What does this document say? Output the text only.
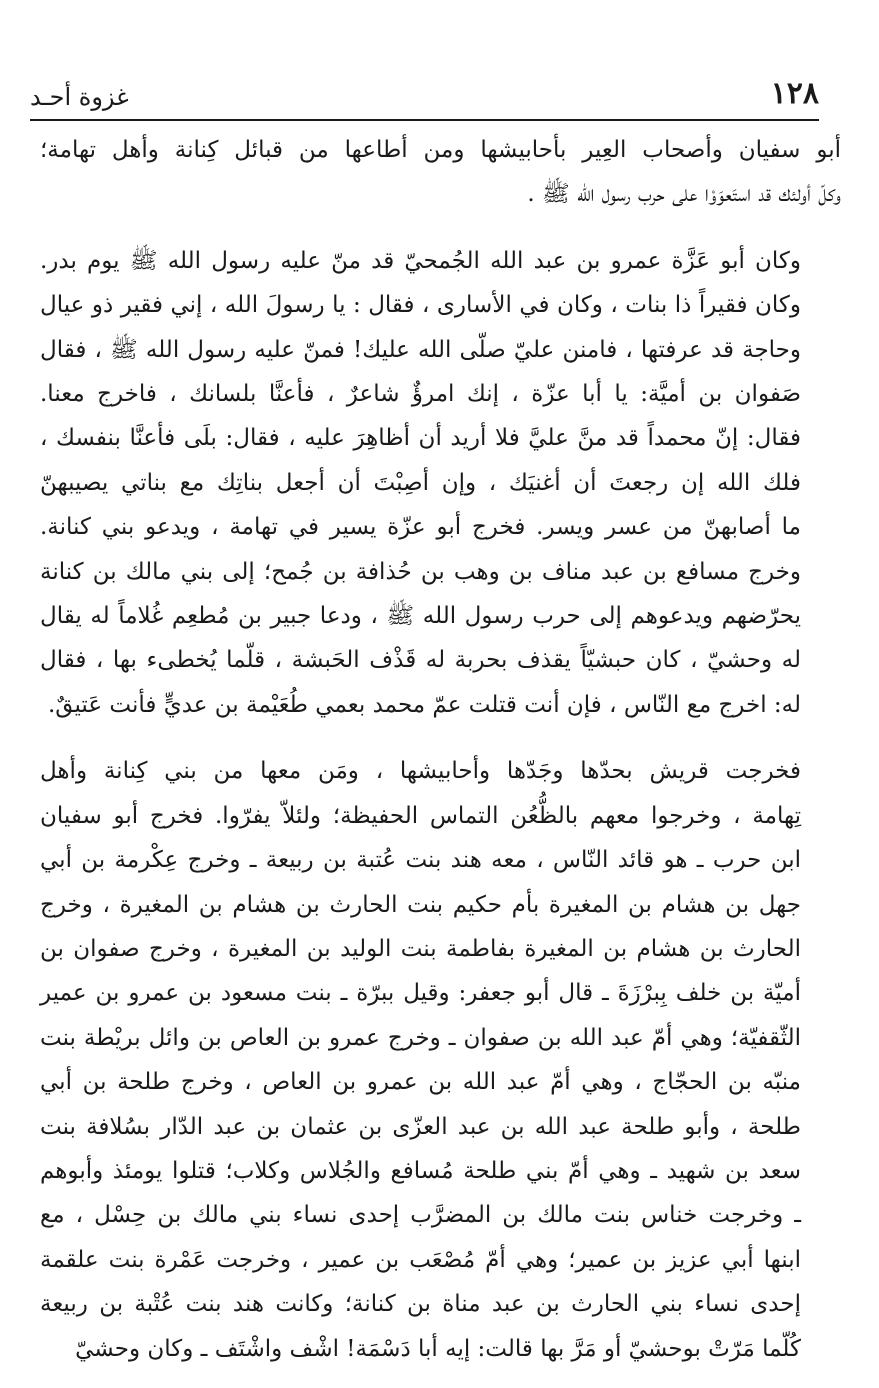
١٢٨
غزوة أحـد
أبو سفيان وأصحاب العِير بأحابيشها ومن أطاعها من قبائل كِنانة وأهل تهامة؛
وكلّ أولئك قد استَعوَوْا على حرب رسول الله ﷺ .
وكان أبو عَزَّة عمرو بن عبد الله الجُمحيّ قد منّ عليه رسول الله ﷺ يوم بدر.
وكان فقيراً ذا بنات ، وكان في الأسارى ، فقال : يا رسولَ الله ، إني فقير ذو عيال
وحاجة قد عرفتها ، فامنن عليّ صلّى الله عليك! فمنّ عليه رسول الله ﷺ ، فقال
صَفوان بن أميَّة: يا أبا عزّة ، إنك امرؤٌ شاعرٌ ، فأعنَّا بلسانك ، فاخرج معنا.
فقال: إنّ محمداً قد منَّ عليَّ فلا أريد أن أظاهِرَ عليه ، فقال: بلَى فأعنَّا بنفسك ،
فلك الله إن رجعتَ أن أغنيَك ، وإن أصِبْتَ أن أجعل بناتِك مع بناتي يصيبهنّ
ما أصابهنّ من عسر ويسر. فخرج أبو عزّة يسير في تهامة ، ويدعو بني كنانة.
وخرج مسافع بن عبد مناف بن وهب بن حُذافة بن جُمح؛ إلى بني مالك بن كنانة
يحرّضهم ويدعوهم إلى حرب رسول الله ﷺ ، ودعا جبير بن مُطعِم غُلاماً له يقال
له وحشيّ ، كان حبشيّاً يقذف بحربة له قَذْف الحَبشة ، قلّما يُخطىء بها ، فقال
له: اخرج مع النّاس ، فإن أنت قتلت عمّ محمد بعمي طُعَيْمة بن عديٍّ فأنت عَتيقٌ.
فخرجت قريش بحدّها وجَدّها وأحابيشها ، ومَن معها من بني كِنانة وأهل
تِهامة ، وخرجوا معهم بالظُّعُن التماس الحفيظة؛ ولئلاّ يفرّوا. فخرج أبو سفيان
ابن حرب ـ هو قائد النّاس ، معه هند بنت عُتبة بن ربيعة ـ وخرج عِكْرمة بن أبي
جهل بن هشام بن المغيرة بأم حكيم بنت الحارث بن هشام بن المغيرة ، وخرج
الحارث بن هشام بن المغيرة بفاطمة بنت الوليد بن المغيرة ، وخرج صفوان بن
أميّة بن خلف بِبرْزَةَ ـ قال أبو جعفر: وقيل ببرّة ـ بنت مسعود بن عمرو بن عمير
الثّقفيّة؛ وهي أمّ عبد الله بن صفوان ـ وخرج عمرو بن العاص بن وائل بريْطة بنت
منبّه بن الحجّاج ، وهي أمّ عبد الله بن عمرو بن العاص ، وخرج طلحة بن أبي
طلحة ، وأبو طلحة عبد الله بن عبد العزّى بن عثمان بن عبد الدّار بسُلافة بنت
سعد بن شهيد ـ وهي أمّ بني طلحة مُسافع والجُلاس وكلاب؛ قتلوا يومئذ وأبوهم
ـ وخرجت خناس بنت مالك بن المضرَّب إحدى نساء بني مالك بن حِسْل ، مع
ابنها أبي عزيز بن عمير؛ وهي أمّ مُصْعَب بن عمير ، وخرجت عَمْرة بنت علقمة
إحدى نساء بني الحارث بن عبد مناة بن كنانة؛ وكانت هند بنت عُتْبة بن ربيعة
كُلّما مَرّتْ بوحشيّ أو مَرَّ بها قالت: إيه أبا دَسْمَة! اشْف واشْتَف ـ وكان وحشيّ
